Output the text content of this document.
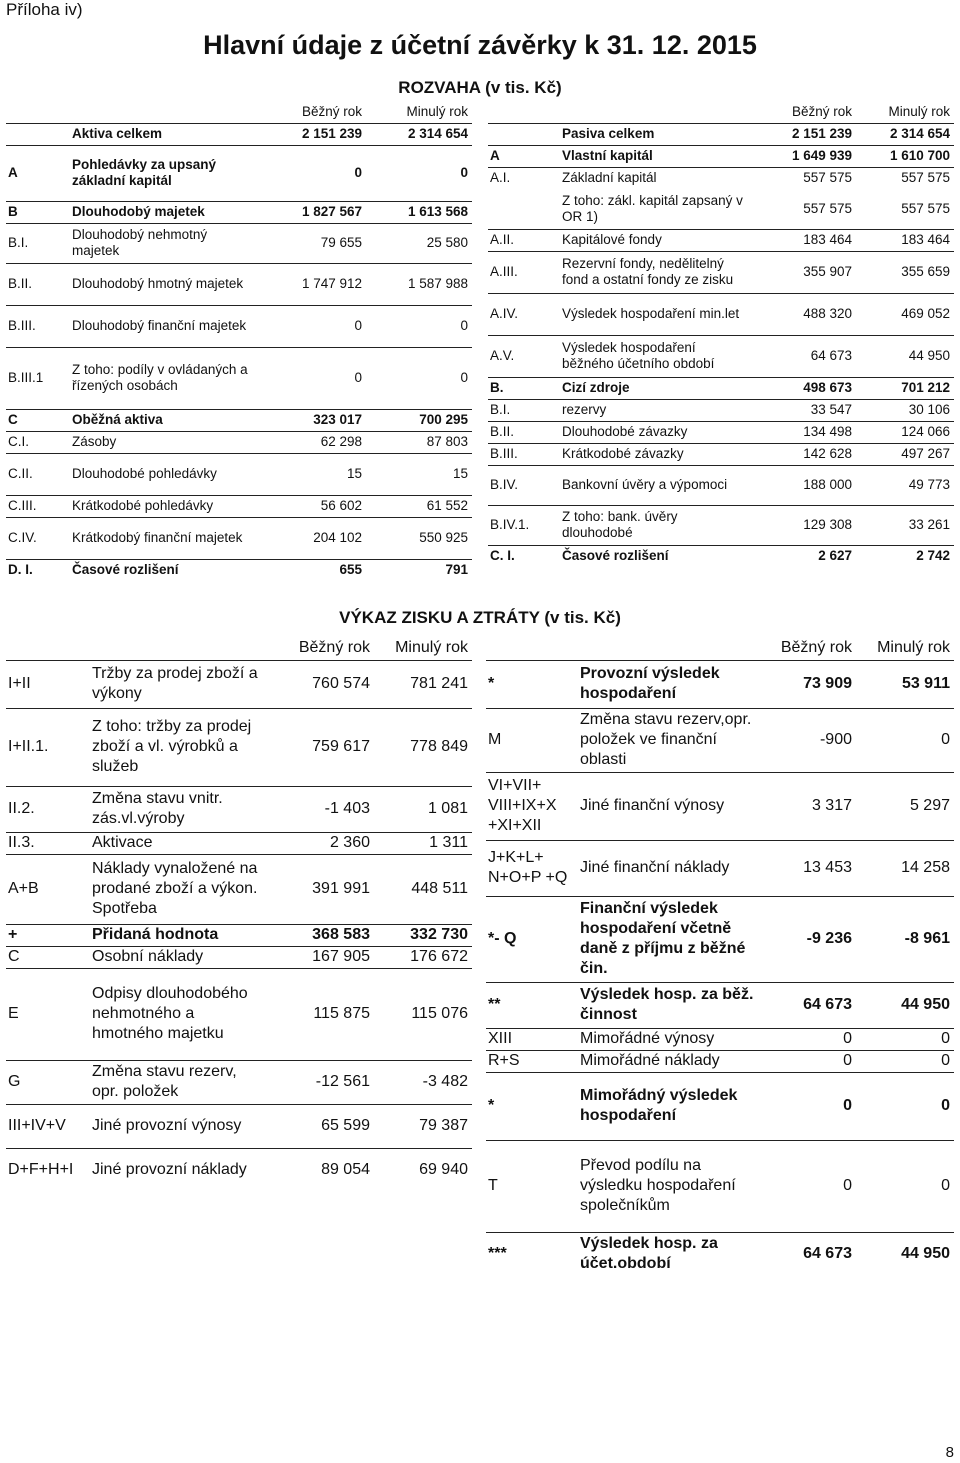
Příloha iv)
Hlavní údaje z účetní závěrky k 31. 12. 2015
ROZVAHA (v tis. Kč)
		Běžný rok	Minulý rok
	Aktiva celkem	2 151 239	2 314 654
A	Pohledávky za upsaný základní kapitál	0	0
B	Dlouhodobý majetek	1 827 567	1 613 568
B.I.	Dlouhodobý nehmotný majetek	79 655	25 580
B.II.	Dlouhodobý hmotný majetek	1 747 912	1 587 988
B.III.	Dlouhodobý finanční majetek	0	0
B.III.1	Z toho: podíly v ovládaných a řízených osobách	0	0
C	Oběžná aktiva	323 017	700 295
C.I.	Zásoby	62 298	87 803
C.II.	Dlouhodobé pohledávky	15	15
C.III.	Krátkodobé pohledávky	56 602	61 552
C.IV.	Krátkodobý finanční majetek	204 102	550 925
D. I.	Časové rozlišení	655	791
		Běžný rok	Minulý rok
	Pasiva celkem	2 151 239	2 314 654
A	Vlastní kapitál	1 649 939	1 610 700
A.I.	Základní kapitál	557 575	557 575
	Z toho: zákl. kapitál zapsaný v OR 1)	557 575	557 575
A.II.	Kapitálové fondy	183 464	183 464
A.III.	Rezervní fondy, nedělitelný fond a ostatní fondy ze zisku	355 907	355 659
A.IV.	Výsledek hospodaření min.let	488 320	469 052
A.V.	Výsledek hospodaření běžného účetního období	64 673	44 950
B.	Cizí zdroje	498 673	701 212
B.I.	rezervy	33 547	30 106
B.II.	Dlouhodobé závazky	134 498	124 066
B.III.	Krátkodobé závazky	142 628	497 267
B.IV.	Bankovní úvěry a výpomoci	188 000	49 773
B.IV.1.	Z toho: bank. úvěry dlouhodobé	129 308	33 261
C. I.	Časové rozlišení	2 627	2 742
VÝKAZ ZISKU A ZTRÁTY (v tis. Kč)
		Běžný rok	Minulý rok
I+II	Tržby za prodej zboží a výkony	760 574	781 241
I+II.1.	Z toho: tržby za prodej zboží a vl. výrobků a služeb	759 617	778 849
II.2.	Změna stavu vnitr. zás.vl.výroby	-1 403	1 081
II.3.	Aktivace	2 360	1 311
A+B	Náklady vynaložené na prodané zboží a výkon. Spotřeba	391 991	448 511
+	Přidaná hodnota	368 583	332 730
C	Osobní náklady	167 905	176 672
E	Odpisy dlouhodobého nehmotného a hmotného majetku	115 875	115 076
G	Změna stavu rezerv, opr. položek	-12 561	-3 482
III+IV+V	Jiné provozní výnosy	65 599	79 387
D+F+H+I	Jiné provozní náklady	89 054	69 940
		Běžný rok	Minulý rok
*	Provozní výsledek hospodaření	73 909	53 911
M	Změna stavu rezerv,opr. položek ve finanční oblasti	-900	0
VI+VII+ VIII+IX+X +XI+XII	Jiné finanční výnosy	3 317	5 297
J+K+L+ N+O+P +Q	Jiné finanční náklady	13 453	14 258
*- Q	Finanční výsledek hospodaření včetně daně z příjmu z běžné čin.	-9 236	-8 961
**	Výsledek hosp. za běž. činnost	64 673	44 950
XIII	Mimořádné výnosy	0	0
R+S	Mimořádné náklady	0	0
*	Mimořádný výsledek hospodaření	0	0
T	Převod podílu na výsledku hospodaření společníkům	0	0
***	Výsledek hosp. za účet.období	64 673	44 950
8
